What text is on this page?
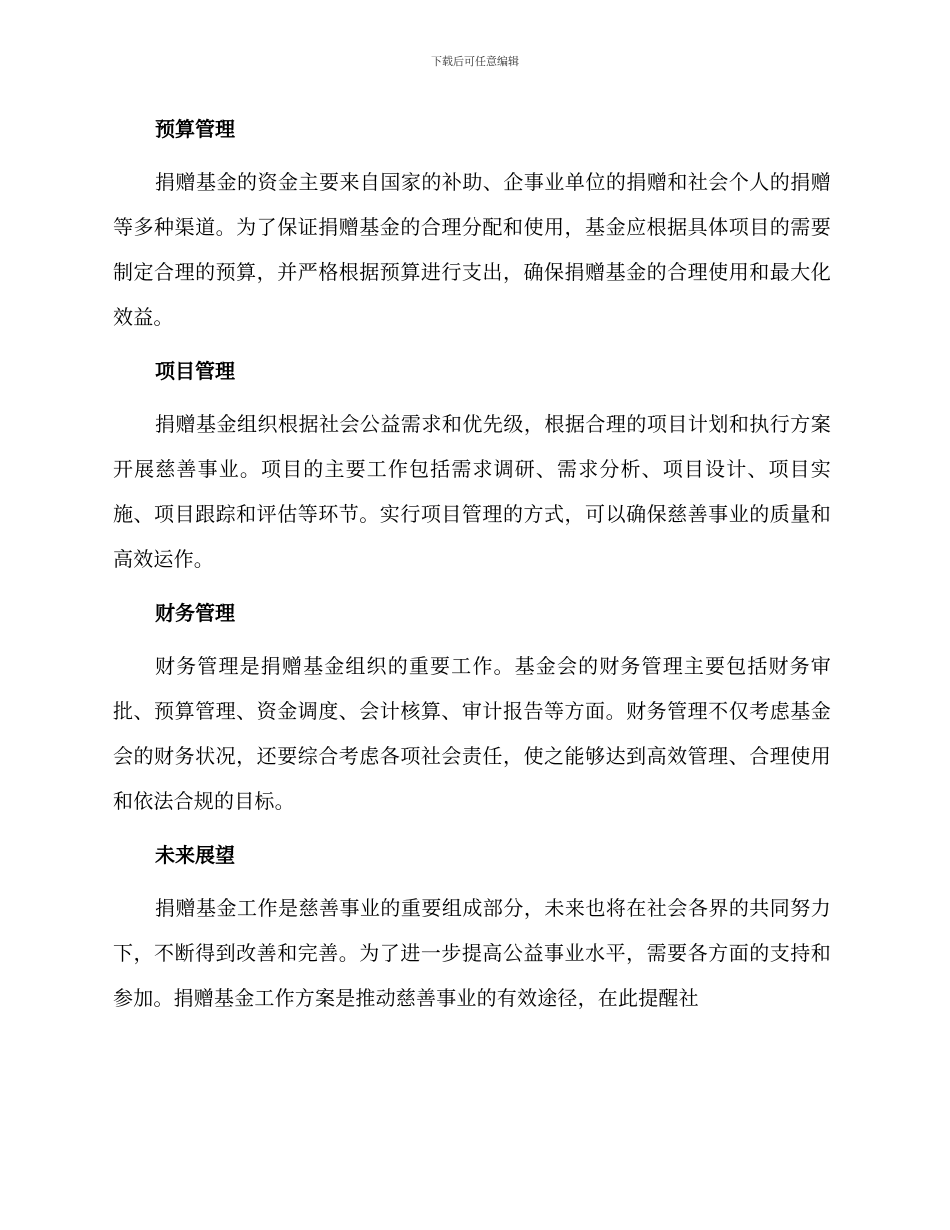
下载后可任意编辑
预算管理

捐赠基金的资金主要来自国家的补助、企事业单位的捐赠和社会个人的捐赠等多种渠道。为了保证捐赠基金的合理分配和使用，基金应根据具体项目的需要制定合理的预算，并严格根据预算进行支出，确保捐赠基金的合理使用和最大化效益。

项目管理

捐赠基金组织根据社会公益需求和优先级，根据合理的项目计划和执行方案开展慈善事业。项目的主要工作包括需求调研、需求分析、项目设计、项目实施、项目跟踪和评估等环节。实行项目管理的方式，可以确保慈善事业的质量和高效运作。

财务管理

财务管理是捐赠基金组织的重要工作。基金会的财务管理主要包括财务审批、预算管理、资金调度、会计核算、审计报告等方面。财务管理不仅考虑基金会的财务状况，还要综合考虑各项社会责任，使之能够达到高效管理、合理使用和依法合规的目标。

未来展望

捐赠基金工作是慈善事业的重要组成部分，未来也将在社会各界的共同努力下，不断得到改善和完善。为了进一步提高公益事业水平，需要各方面的支持和参加。捐赠基金工作方案是推动慈善事业的有效途径，在此提醒社
